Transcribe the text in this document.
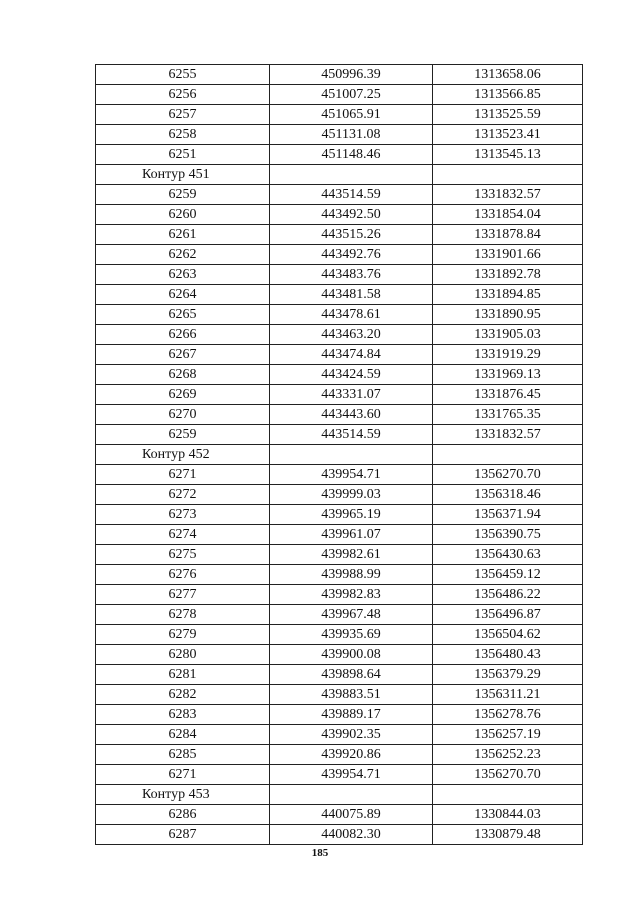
6255	450996.39	1313658.06
6256	451007.25	1313566.85
6257	451065.91	1313525.59
6258	451131.08	1313523.41
6251	451148.46	1313545.13
Контур 451		
6259	443514.59	1331832.57
6260	443492.50	1331854.04
6261	443515.26	1331878.84
6262	443492.76	1331901.66
6263	443483.76	1331892.78
6264	443481.58	1331894.85
6265	443478.61	1331890.95
6266	443463.20	1331905.03
6267	443474.84	1331919.29
6268	443424.59	1331969.13
6269	443331.07	1331876.45
6270	443443.60	1331765.35
6259	443514.59	1331832.57
Контур 452		
6271	439954.71	1356270.70
6272	439999.03	1356318.46
6273	439965.19	1356371.94
6274	439961.07	1356390.75
6275	439982.61	1356430.63
6276	439988.99	1356459.12
6277	439982.83	1356486.22
6278	439967.48	1356496.87
6279	439935.69	1356504.62
6280	439900.08	1356480.43
6281	439898.64	1356379.29
6282	439883.51	1356311.21
6283	439889.17	1356278.76
6284	439902.35	1356257.19
6285	439920.86	1356252.23
6271	439954.71	1356270.70
Контур 453		
6286	440075.89	1330844.03
6287	440082.30	1330879.48
185
